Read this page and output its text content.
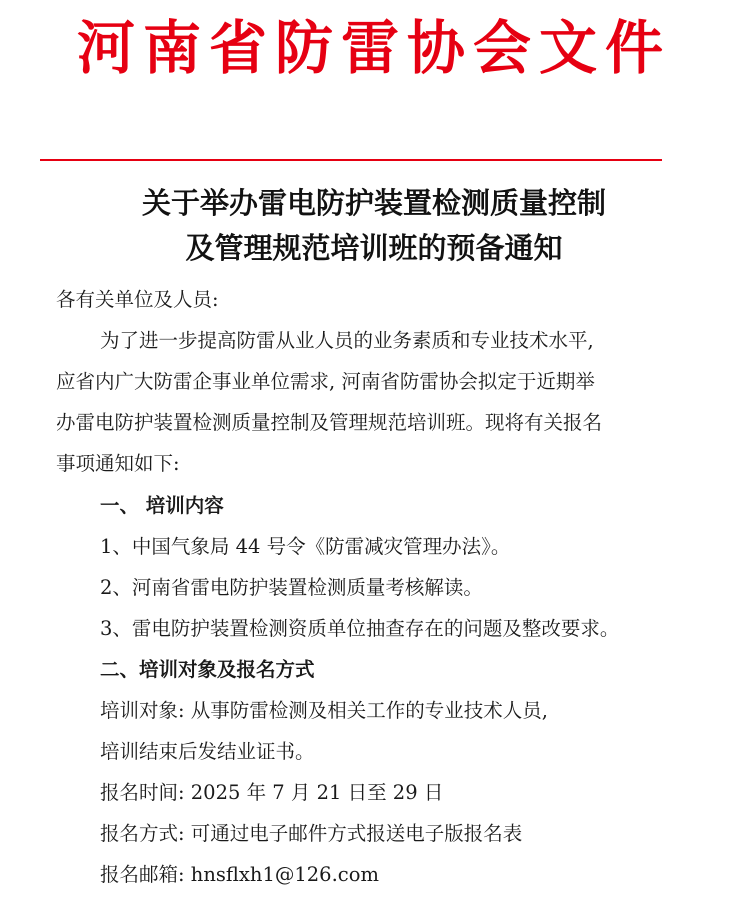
河南省防雷协会文件
关于举办雷电防护装置检测质量控制
及管理规范培训班的预备通知
各有关单位及人员:
为了进一步提高防雷从业人员的业务素质和专业技术水平,
应省内广大防雷企事业单位需求, 河南省防雷协会拟定于近期举
办雷电防护装置检测质量控制及管理规范培训班。现将有关报名
事项通知如下:
一、 培训内容
1、中国气象局 44 号令《防雷减灾管理办法》。
2、河南省雷电防护装置检测质量考核解读。
3、雷电防护装置检测资质单位抽查存在的问题及整改要求。
二、培训对象及报名方式
培训对象: 从事防雷检测及相关工作的专业技术人员,
培训结束后发结业证书。
报名时间: 2025 年 7 月 21 日至 29 日
报名方式: 可通过电子邮件方式报送电子版报名表
报名邮箱: hnsflxh1@126.com
